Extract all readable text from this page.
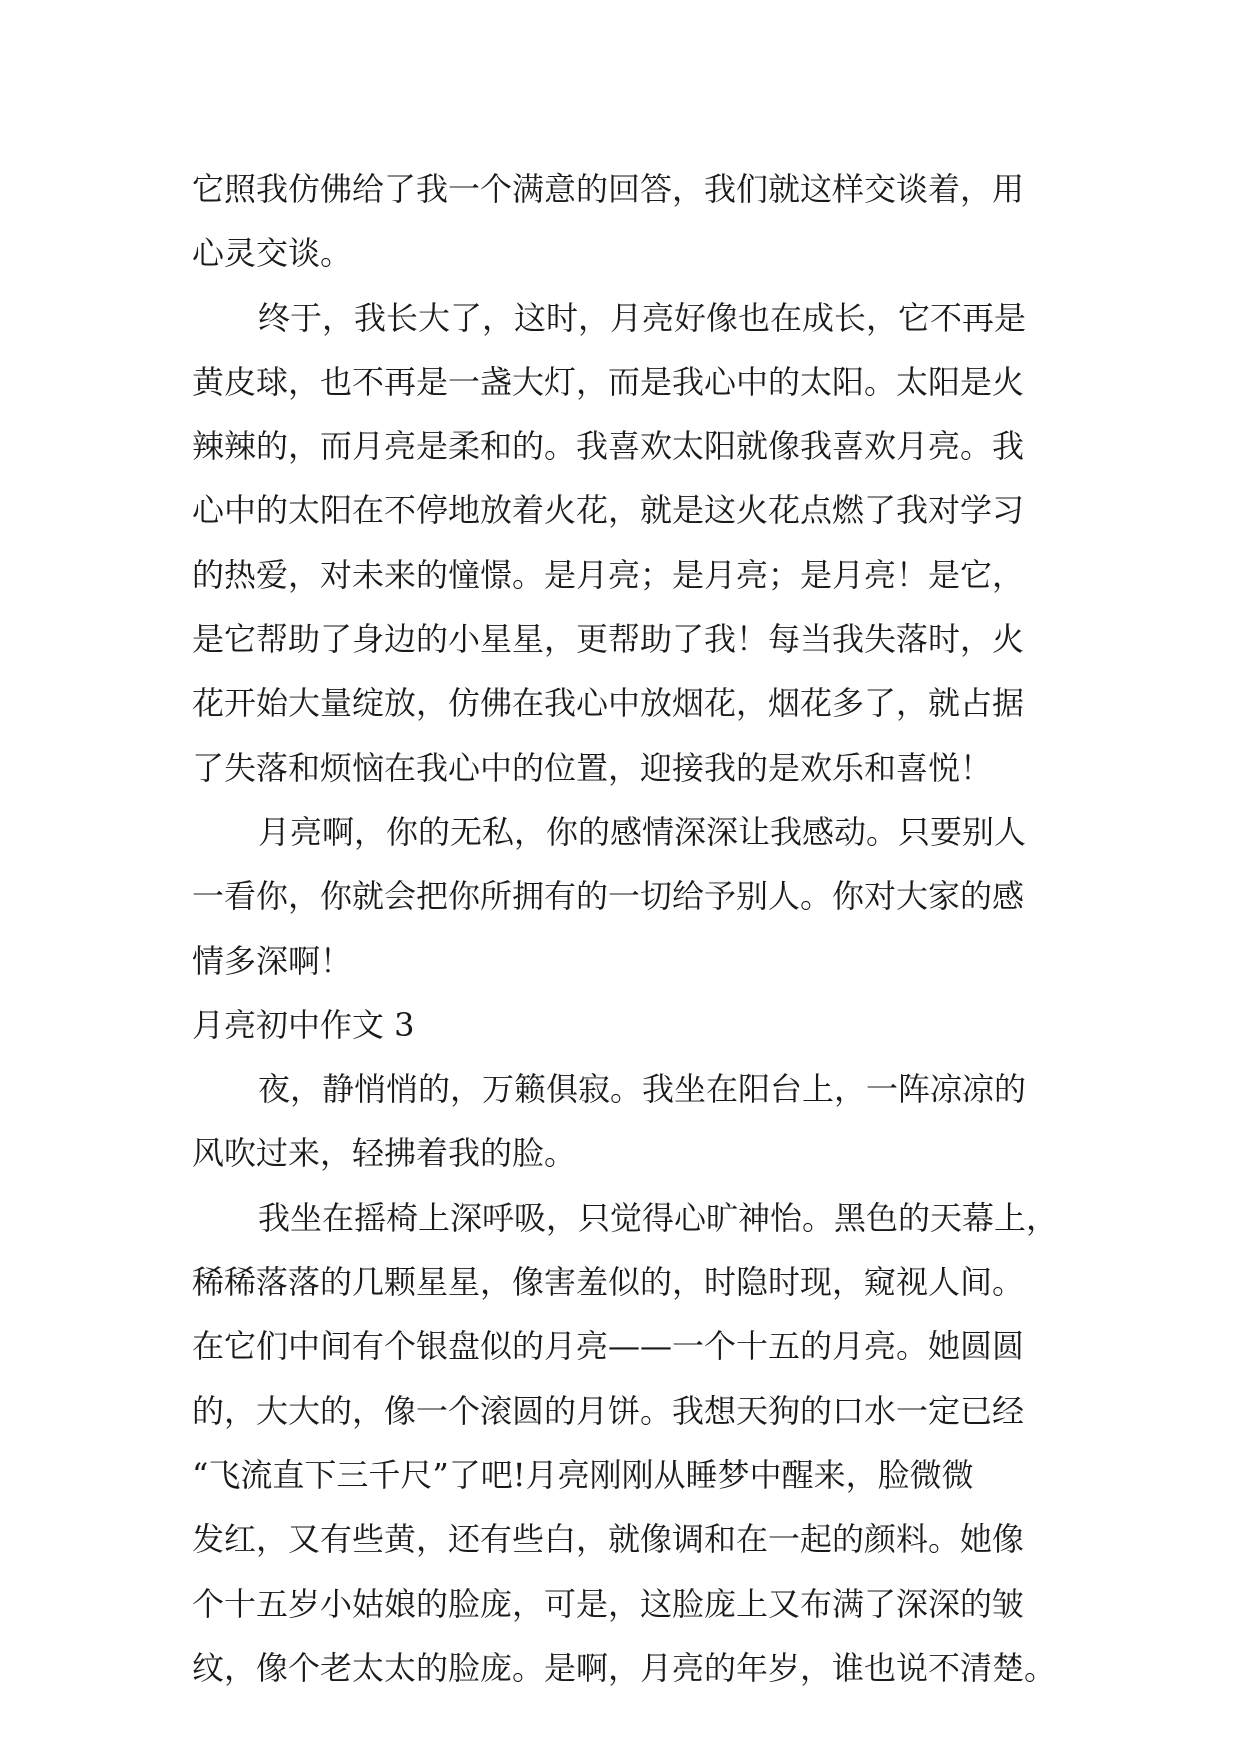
它照我仿佛给了我一个满意的回答，我们就这样交谈着，用
心灵交谈。
终于，我长大了，这时，月亮好像也在成长，它不再是
黄皮球，也不再是一盏大灯，而是我心中的太阳。太阳是火
辣辣的，而月亮是柔和的。我喜欢太阳就像我喜欢月亮。我
心中的太阳在不停地放着火花，就是这火花点燃了我对学习
的热爱，对未来的憧憬。是月亮；是月亮；是月亮！是它，
是它帮助了身边的小星星，更帮助了我！每当我失落时，火
花开始大量绽放，仿佛在我心中放烟花，烟花多了，就占据
了失落和烦恼在我心中的位置，迎接我的是欢乐和喜悦！
月亮啊，你的无私，你的感情深深让我感动。只要别人
一看你，你就会把你所拥有的一切给予别人。你对大家的感
情多深啊！
月亮初中作文 3
夜，静悄悄的，万籁俱寂。我坐在阳台上，一阵凉凉的
风吹过来，轻拂着我的脸。
我坐在摇椅上深呼吸，只觉得心旷神怡。黑色的天幕上，
稀稀落落的几颗星星，像害羞似的，时隐时现，窥视人间。
在它们中间有个银盘似的月亮——一个十五的月亮。她圆圆
的，大大的，像一个滚圆的月饼。我想天狗的口水一定已经
“飞流直下三千尺”了吧!月亮刚刚从睡梦中醒来，脸微微
发红，又有些黄，还有些白，就像调和在一起的颜料。她像
个十五岁小姑娘的脸庞，可是，这脸庞上又布满了深深的皱
纹，像个老太太的脸庞。是啊，月亮的年岁，谁也说不清楚。
